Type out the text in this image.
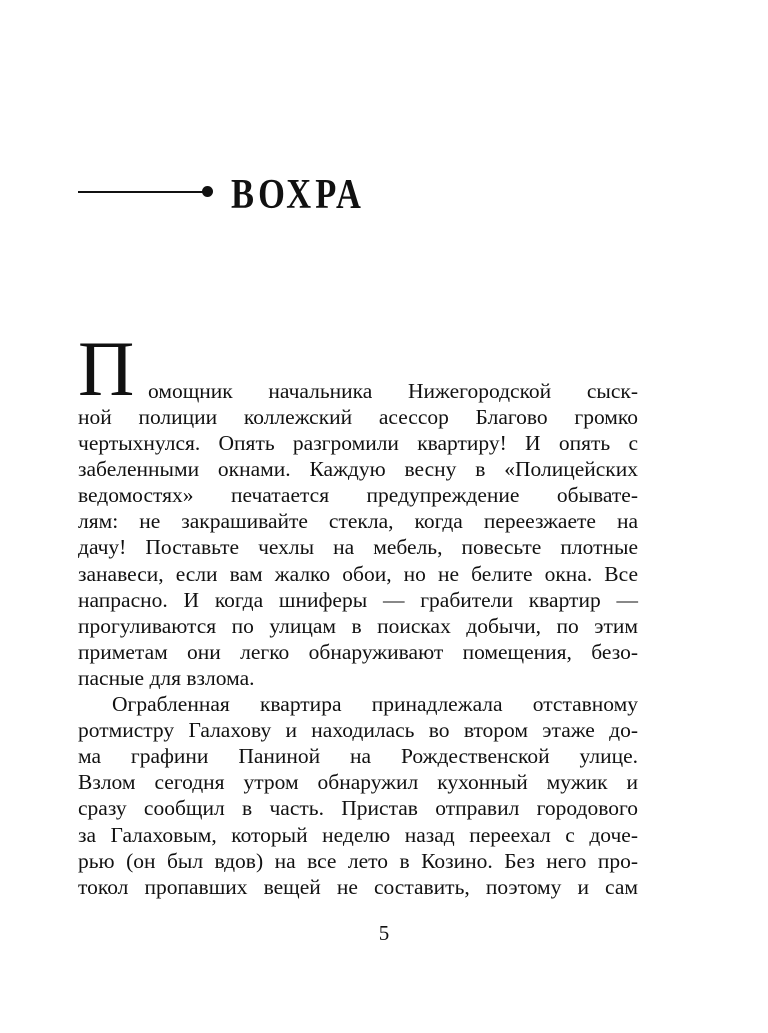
ВОХРА
П омощник начальника Нижегородской сыск-
ной полиции коллежский асессор Благово громко
чертыхнулся. Опять разгромили квартиру! И опять с
забеленными окнами. Каждую весну в «Полицейских
ведомостях» печатается предупреждение обывате-
лям: не закрашивайте стекла, когда переезжаете на
дачу! Поставьте чехлы на мебель, повесьте плотные
занавеси, если вам жалко обои, но не белите окна. Все
напрасно. И когда шниферы — грабители квартир —
прогуливаются по улицам в поисках добычи, по этим
приметам они легко обнаруживают помещения, безо-
пасные для взлома.
Ограбленная квартира принадлежала отставному
ротмистру Галахову и находилась во втором этаже до-
ма графини Паниной на Рождественской улице.
Взлом сегодня утром обнаружил кухонный мужик и
сразу сообщил в часть. Пристав отправил городового
за Галаховым, который неделю назад переехал с доче-
рью (он был вдов) на все лето в Козино. Без него про-
токол пропавших вещей не составить, поэтому и сам
5
